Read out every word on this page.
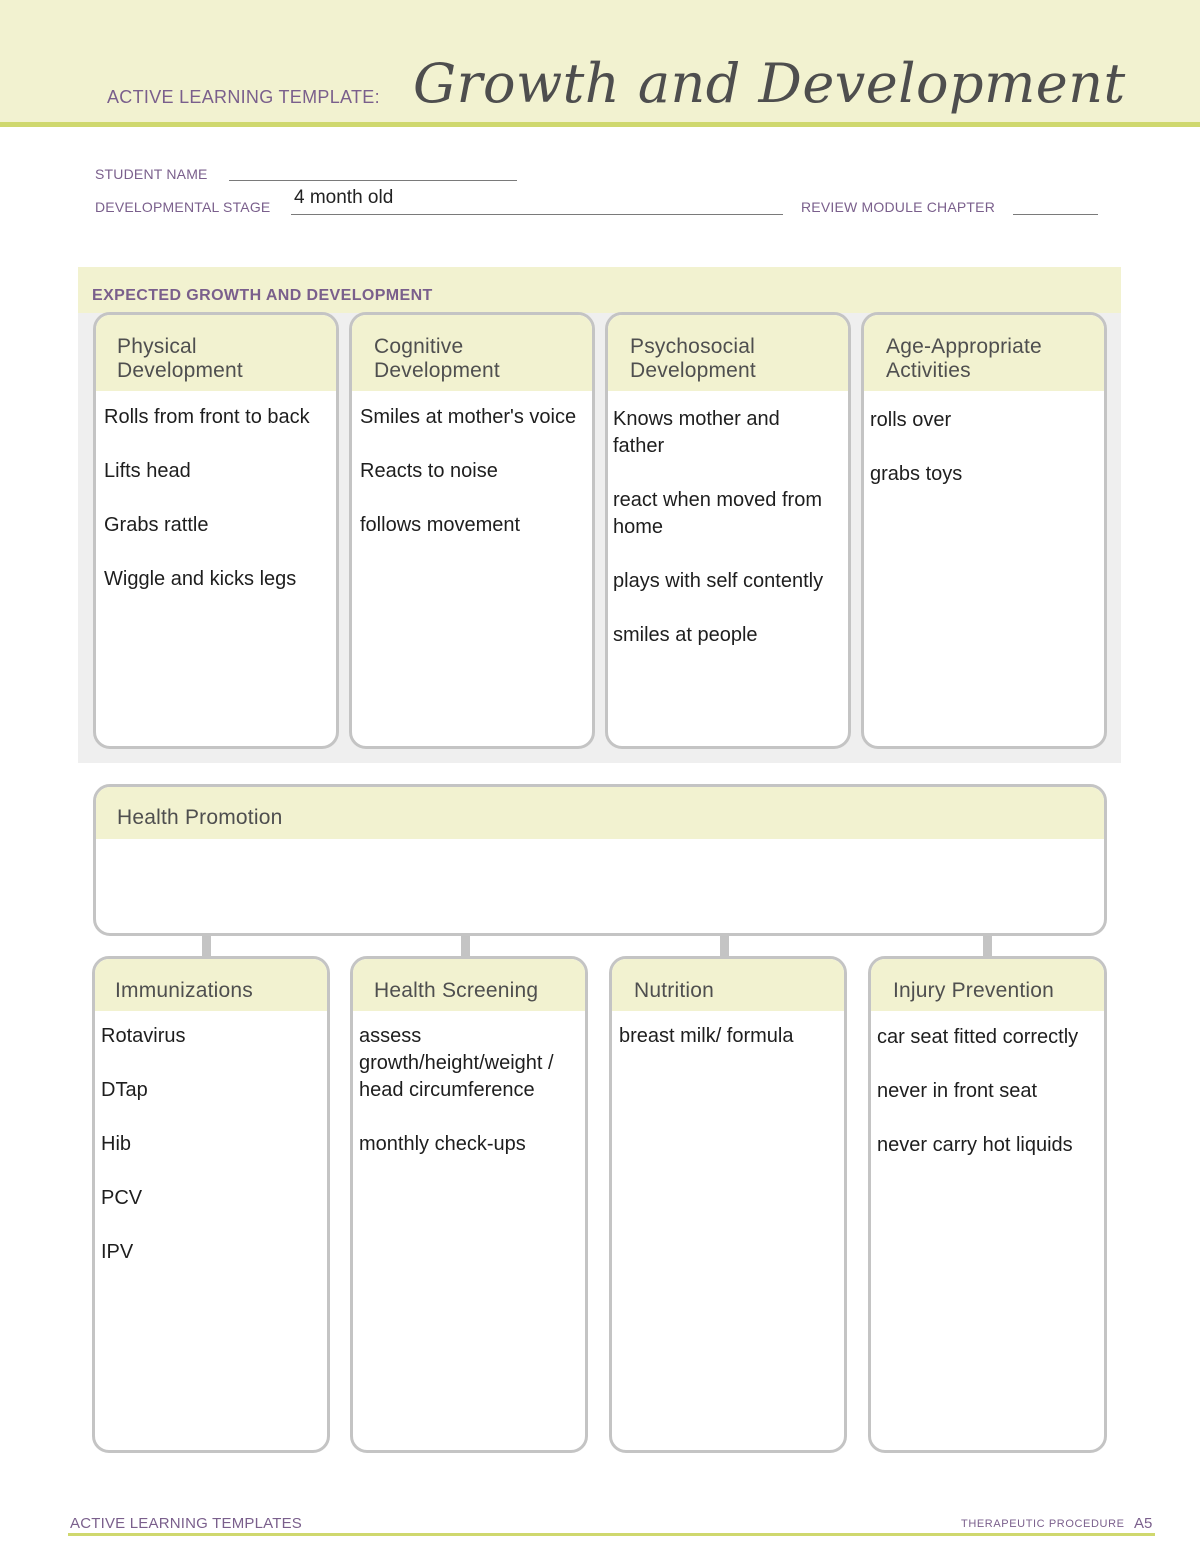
ACTIVE LEARNING TEMPLATE: Growth and Development
STUDENT NAME
DEVELOPMENTAL STAGE 4 month old	REVIEW MODULE CHAPTER
EXPECTED GROWTH AND DEVELOPMENT
Physical
Development

Rolls from front to back

Lifts head

Grabs rattle

Wiggle and kicks legs

Cognitive
Development

Smiles at mother's voice

Reacts to noise

follows movement

Psychosocial
Development

Knows mother and father

react when moved from home

plays with self contently

smiles at people

Age-Appropriate
Activities

rolls over

grabs toys

Health Promotion
Immunizations

Rotavirus

DTap

Hib

PCV

IPV

Health Screening

assess growth/height/weight / head circumference

monthly check-ups

Nutrition

breast milk/ formula

Injury Prevention

car seat fitted correctly

never in front seat

never carry hot liquids

ACTIVE LEARNING TEMPLATES	THERAPEUTIC PROCEDURE A5
